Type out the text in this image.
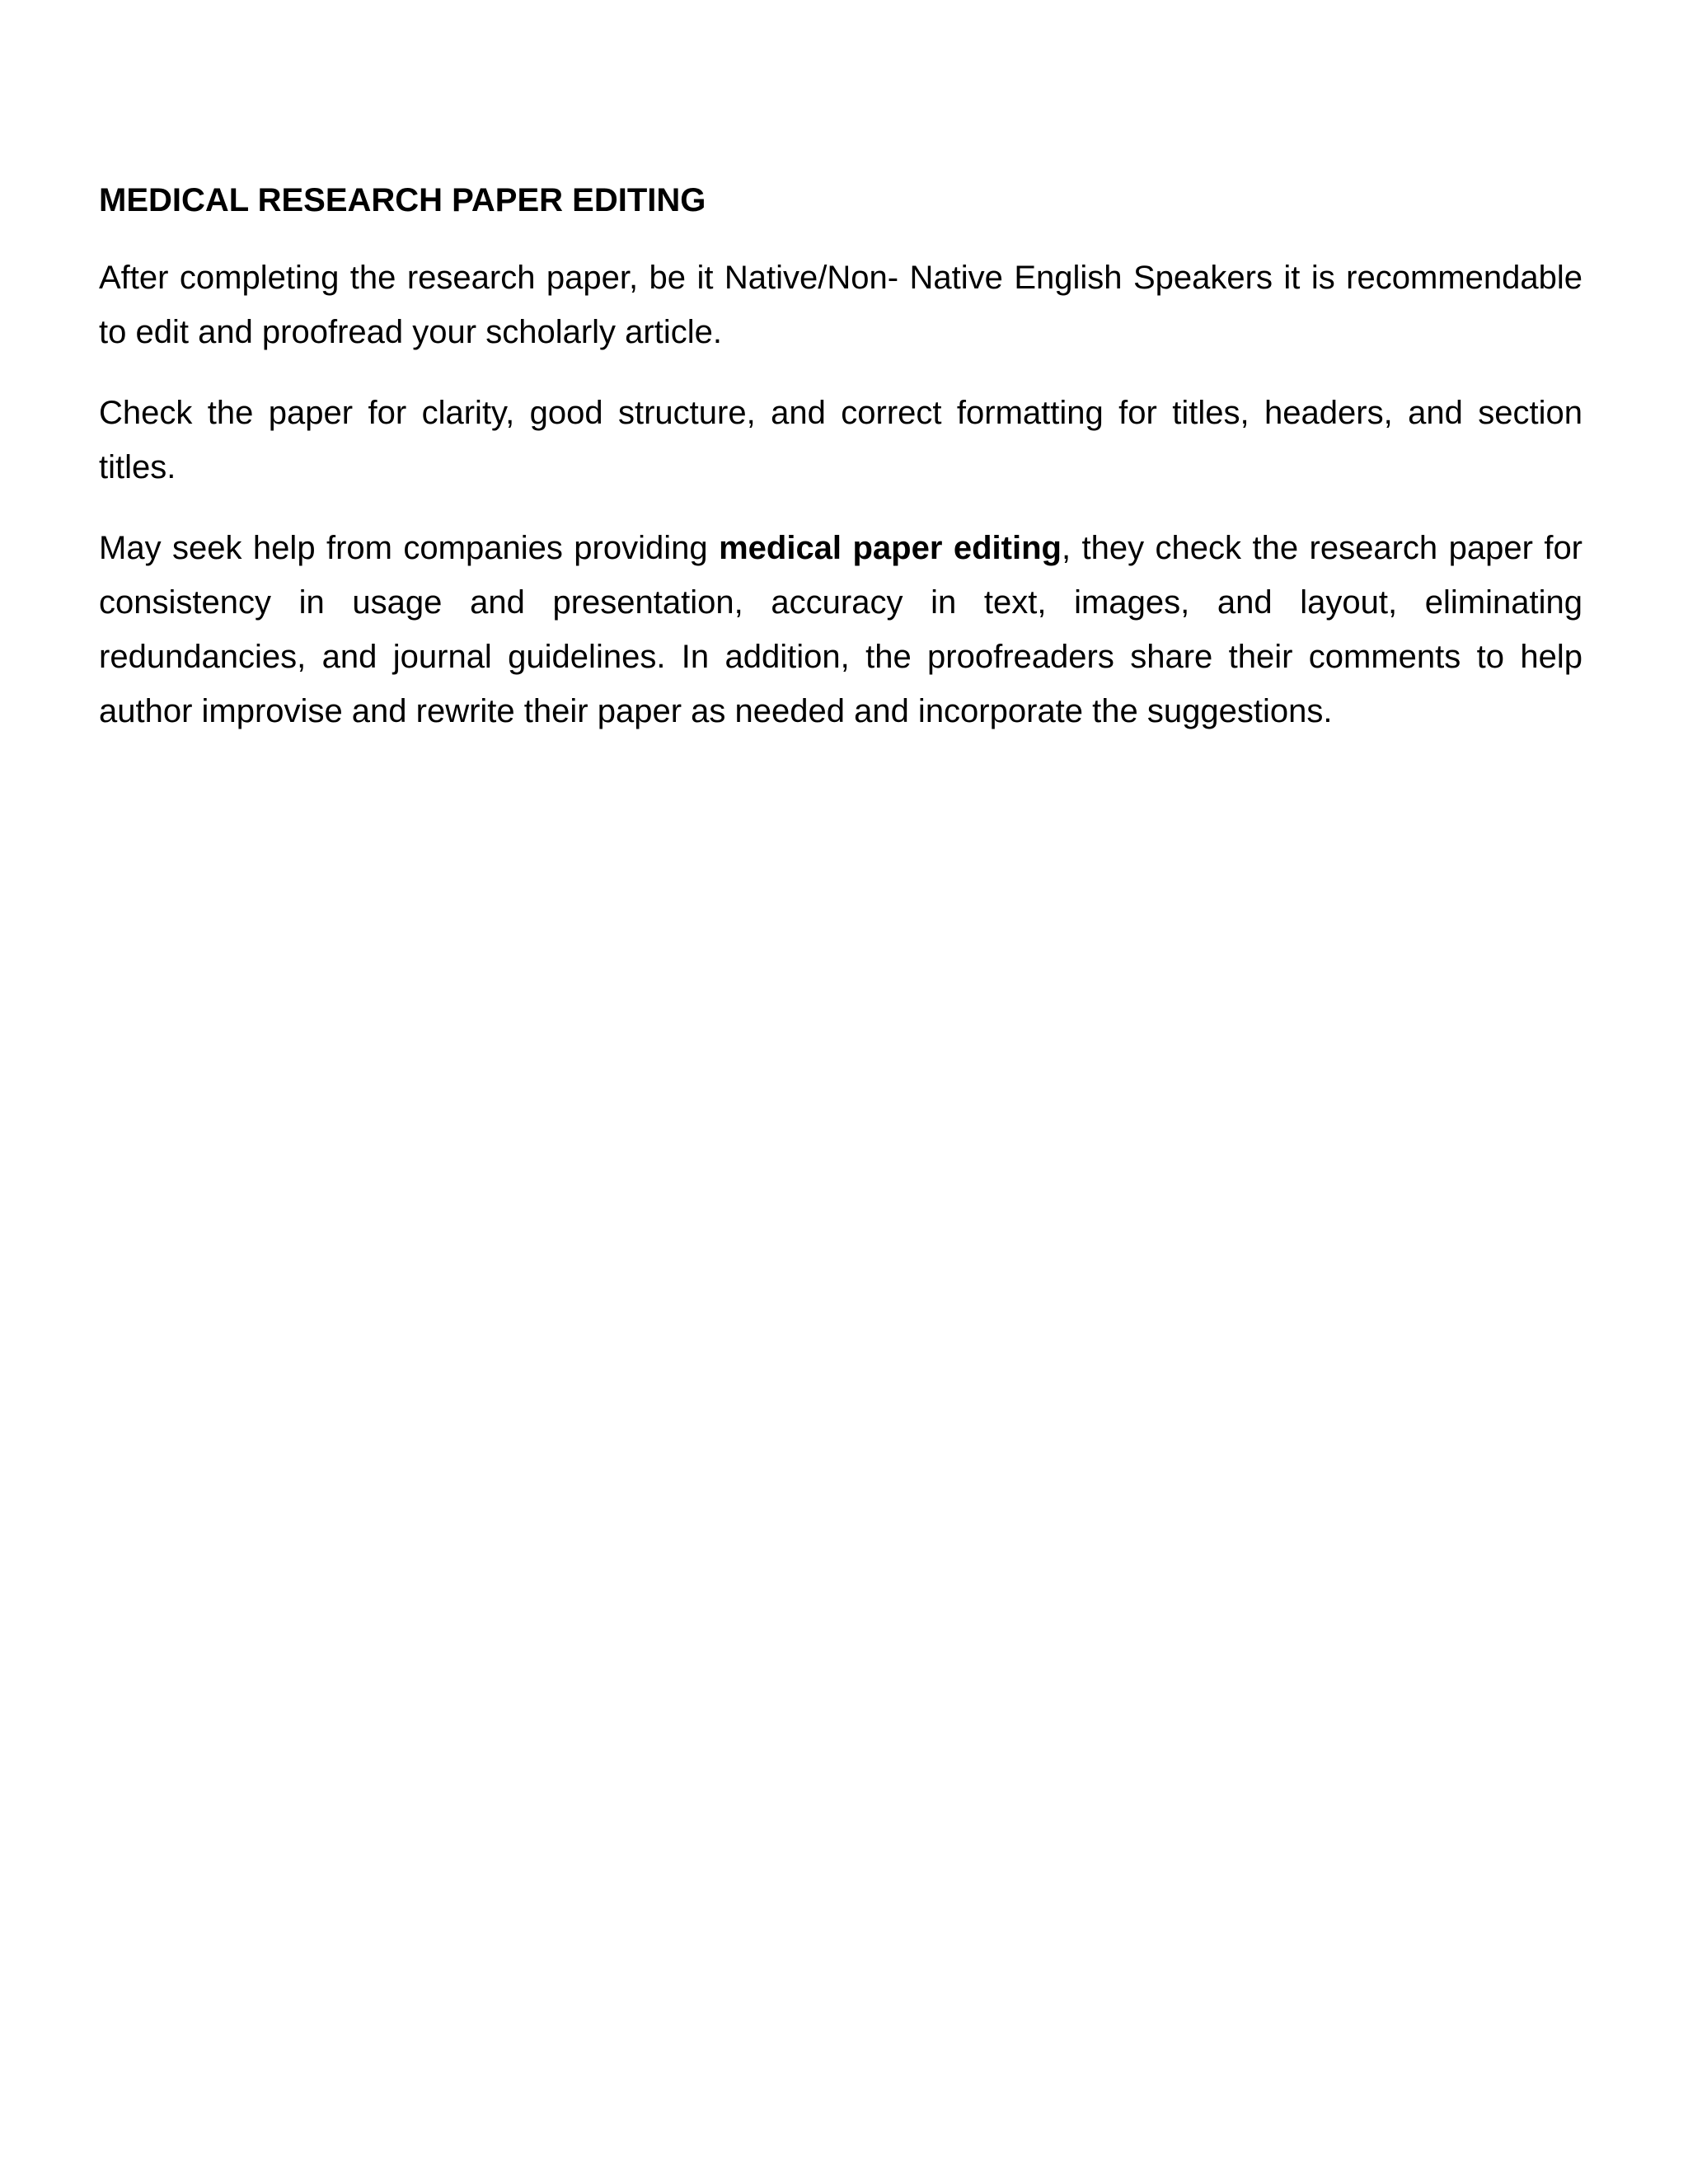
MEDICAL RESEARCH PAPER EDITING

After completing the research paper, be it Native/Non- Native English Speakers it is recommendable to edit and proofread your scholarly article.

Check the paper for clarity, good structure, and correct formatting for titles, headers, and section titles.

May seek help from companies providing medical paper editing, they check the research paper for consistency in usage and presentation, accuracy in text, images, and layout, eliminating redundancies, and journal guidelines. In addition, the proofreaders share their comments to help author improvise and rewrite their paper as needed and incorporate the suggestions.
